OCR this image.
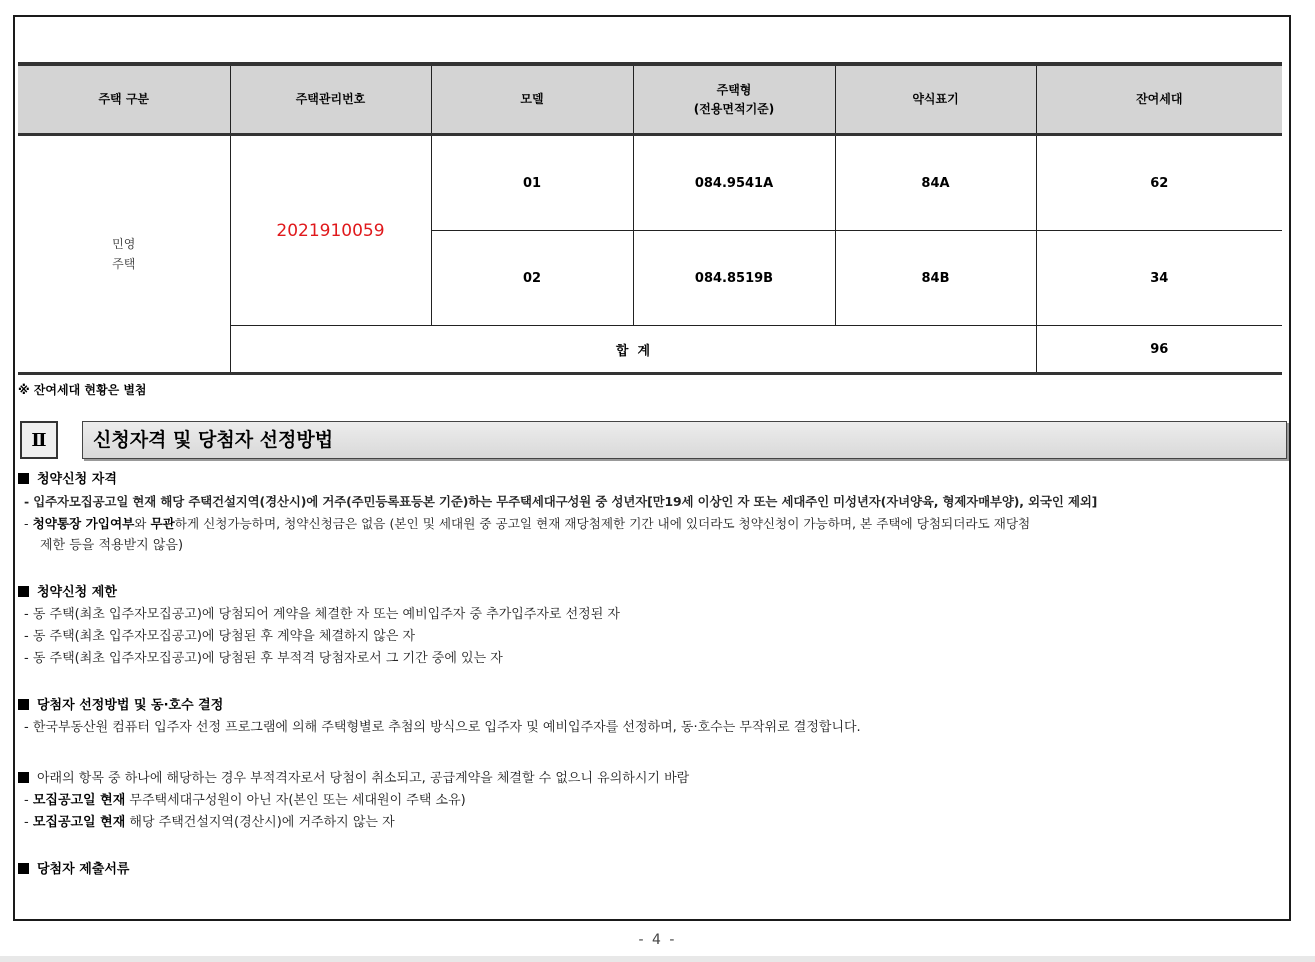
주택 구분	주택관리번호	모델	주택형
(전용면적기준)	약식표기	잔여세대

민영
주택	2021910059	01	084.9541A	84A	62
		02	084.8519B	84B	34
	합  계				96
※ 잔여세대 현황은 별첨
Ⅱ	신청자격 및 당첨자 선정방법
청약신청 자격
- 입주자모집공고일 현재 해당 주택건설지역(경산시)에 거주(주민등록표등본 기준)하는 무주택세대구성원 중 성년자[만19세 이상인 자 또는 세대주인 미성년자(자녀양육, 형제자매부양), 외국인 제외]
- 청약통장 가입여부와 무관하게 신청가능하며, 청약신청금은 없음 (본인 및 세대원 중 공고일 현재 재당첨제한 기간 내에 있더라도 청약신청이 가능하며, 본 주택에 당첨되더라도 재당첨
제한 등을 적용받지 않음)
청약신청 제한
- 동 주택(최초 입주자모집공고)에 당첨되어 계약을 체결한 자 또는 예비입주자 중 추가입주자로 선정된 자
- 동 주택(최초 입주자모집공고)에 당첨된 후 계약을 체결하지 않은 자
- 동 주택(최초 입주자모집공고)에 당첨된 후 부적격 당첨자로서 그 기간 중에 있는 자
당첨자 선정방법 및 동·호수 결정
- 한국부동산원 컴퓨터 입주자 선정 프로그램에 의해 주택형별로 추첨의 방식으로 입주자 및 예비입주자를 선정하며, 동·호수는 무작위로 결정합니다.
아래의 항목 중 하나에 해당하는 경우 부적격자로서 당첨이 취소되고, 공급계약을 체결할 수 없으니 유의하시기 바람
- 모집공고일 현재 무주택세대구성원이 아닌 자(본인 또는 세대원이 주택 소유)
- 모집공고일 현재 해당 주택건설지역(경산시)에 거주하지 않는 자
당첨자 제출서류
- 4 -
